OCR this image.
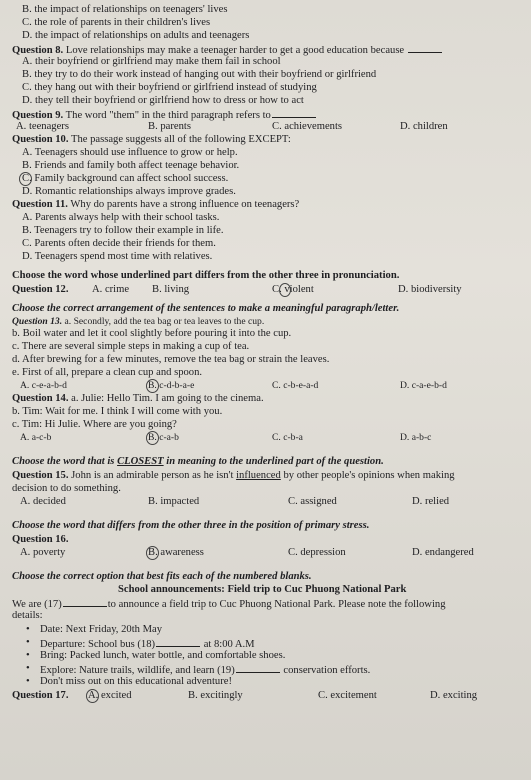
B. the impact of relationships on teenagers' lives
C. the role of parents in their children's lives
D. the impact of relationships on adults and teenagers
Question 8. Love relationships may make a teenager harder to get a good education because
A. their boyfriend or girlfriend may make them fail in school
B. they try to do their work instead of hanging out with their boyfriend or girlfriend
C. they hang out with their boyfriend or girlfriend instead of studying
D. they tell their boyfriend or girlfriend how to dress or how to act
Question 9. The word "them" in the third paragraph refers to
A. teenagers	B. parents	C. achievements	D. children
Question 10. The passage suggests all of the following EXCEPT:
A. Teenagers should use influence to grow or help.
B. Friends and family both affect teenage behavior.
C. Family background can affect school success.
D. Romantic relationships always improve grades.
Question 11. Why do parents have a strong influence on teenagers?
A. Parents always help with their school tasks.
B. Teenagers try to follow their example in life.
C. Parents often decide their friends for them.
D. Teenagers spend most time with relatives.
Choose the word whose underlined part differs from the other three in pronunciation.
Question 12. A. crime B. living	C. violent	D. biodiversity
Choose the correct arrangement of the sentences to make a meaningful paragraph/letter.
Question 13. a. Secondly, add the tea bag or tea leaves to the cup.
b. Boil water and let it cool slightly before pouring it into the cup.
c. There are several simple steps in making a cup of tea.
d. After brewing for a few minutes, remove the tea bag or strain the leaves.
e. First of all, prepare a clean cup and spoon.
A. c-e-a-b-d	B. c-d-b-a-e	C. c-b-e-a-d	D. c-a-e-b-d
Question 14. a. Julie: Hello Tim. I am going to the cinema.
b. Tim: Wait for me. I think I will come with you.
c. Tim: Hi Julie. Where are you going?
A. a-c-b	B. c-a-b	C. c-b-a	D. a-b-c
Choose the word that is CLOSEST in meaning to the underlined part of the question.
Question 15. John is an admirable person as he isn't influenced by other people's opinions when making
decision to do something.
A. decided	B. impacted	C. assigned	D. relied
Choose the word that differs from the other three in the position of primary stress.
Question 16.
A. poverty	B. awareness	C. depression	D. endangered
Choose the correct option that best fits each of the numbered blanks.
School announcements: Field trip to Cuc Phuong National Park
We are (17)	to announce a field trip to Cuc Phuong National Park. Please note the following
details:
• Date: Next Friday, 20th May
• Departure: School bus (18)	at 8:00 A.M
• Bring: Packed lunch, water bottle, and comfortable shoes.
• Explore: Nature trails, wildlife, and learn (19)	conservation efforts.
• Don't miss out on this educational adventure!
Question 17. A. excited	B. excitingly	C. excitement	D. exciting
